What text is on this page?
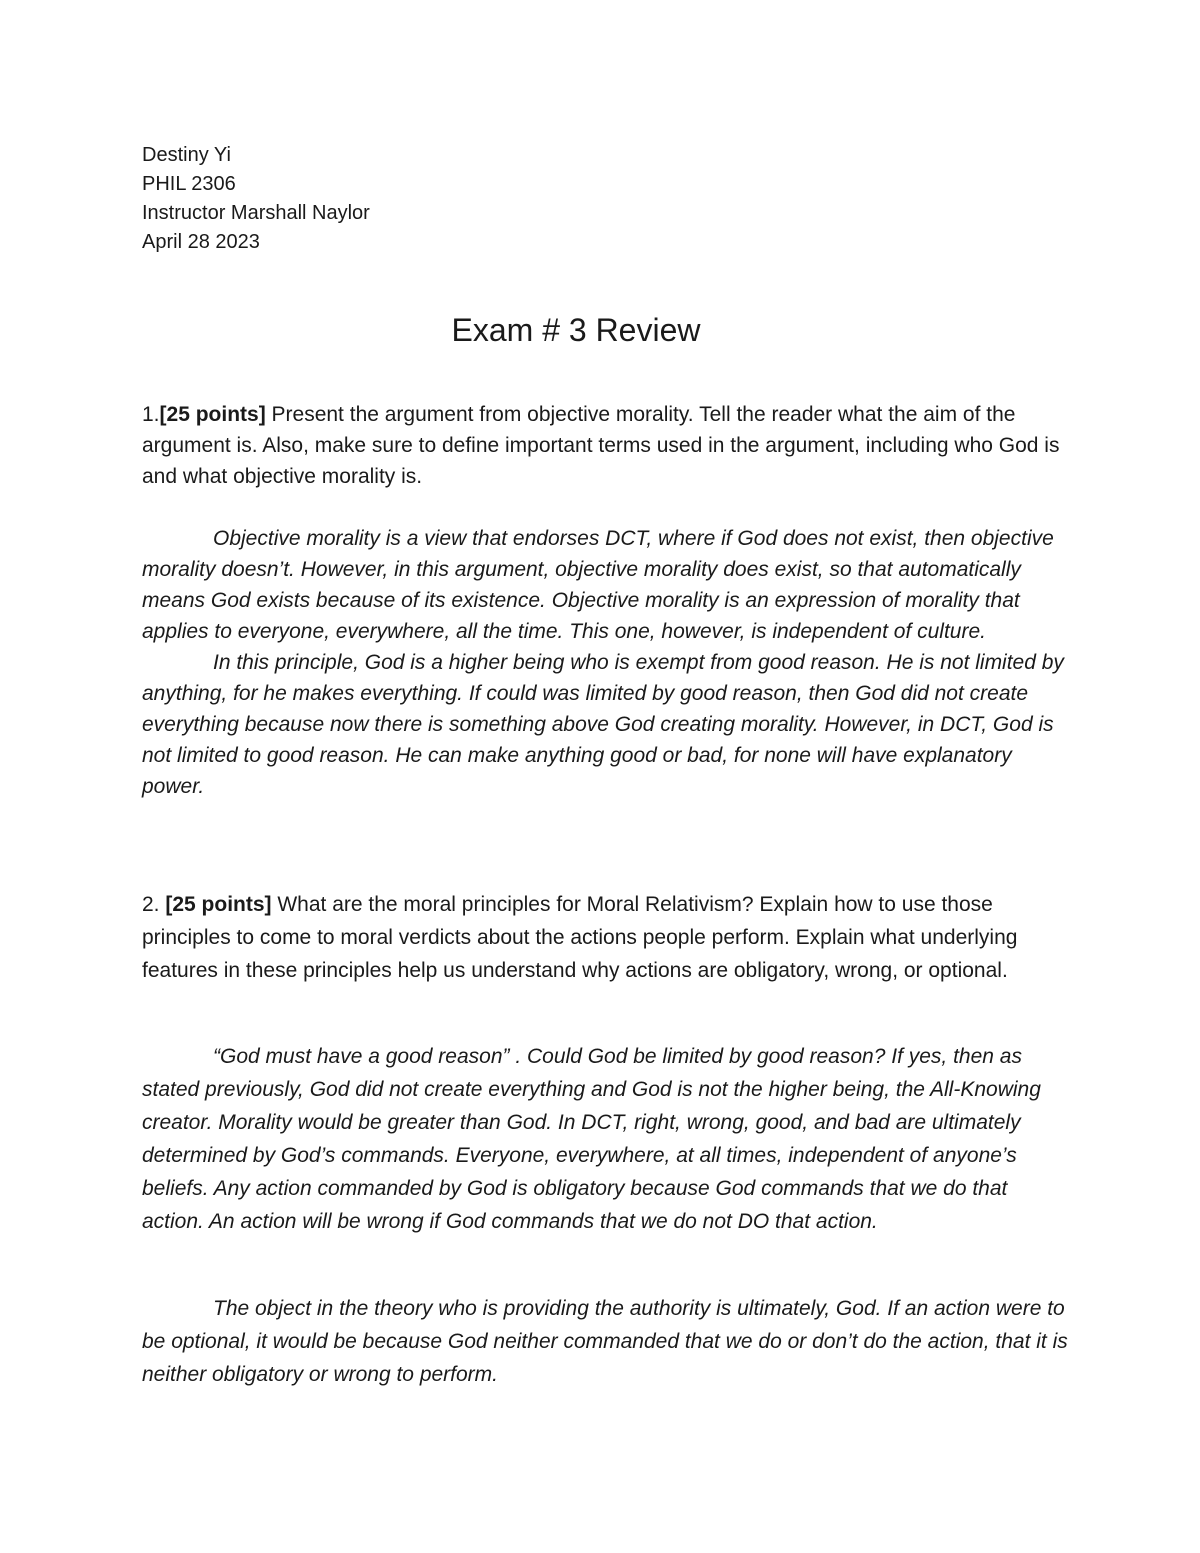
Destiny Yi
PHIL 2306
Instructor Marshall Naylor
April 28 2023
Exam # 3 Review

1.[25 points] Present the argument from objective morality. Tell the reader what the aim of the argument is. Also, make sure to define important terms used in the argument, including who God is and what objective morality is.

Objective morality is a view that endorses DCT, where if God does not exist, then objective morality doesn’t. However, in this argument, objective morality does exist, so that automatically means God exists because of its existence. Objective morality is an expression of morality that applies to everyone, everywhere, all the time. This one, however, is independent of culture.

In this principle, God is a higher being who is exempt from good reason. He is not limited by anything, for he makes everything. If could was limited by good reason, then God did not create everything because now there is something above God creating morality. However, in DCT, God is not limited to good reason. He can make anything good or bad, for none will have explanatory power.

2. [25 points] What are the moral principles for Moral Relativism? Explain how to use those principles to come to moral verdicts about the actions people perform. Explain what underlying features in these principles help us understand why actions are obligatory, wrong, or optional.

“God must have a good reason” . Could God be limited by good reason? If yes, then as stated previously, God did not create everything and God is not the higher being, the All-Knowing creator. Morality would be greater than God. In DCT, right, wrong, good, and bad are ultimately determined by God’s commands. Everyone, everywhere, at all times, independent of anyone’s beliefs. Any action commanded by God is obligatory because God commands that we do that action. An action will be wrong if God commands that we do not DO that action.

The object in the theory who is providing the authority is ultimately, God. If an action were to be optional, it would be because God neither commanded that we do or don’t do the action, that it is neither obligatory or wrong to perform.
